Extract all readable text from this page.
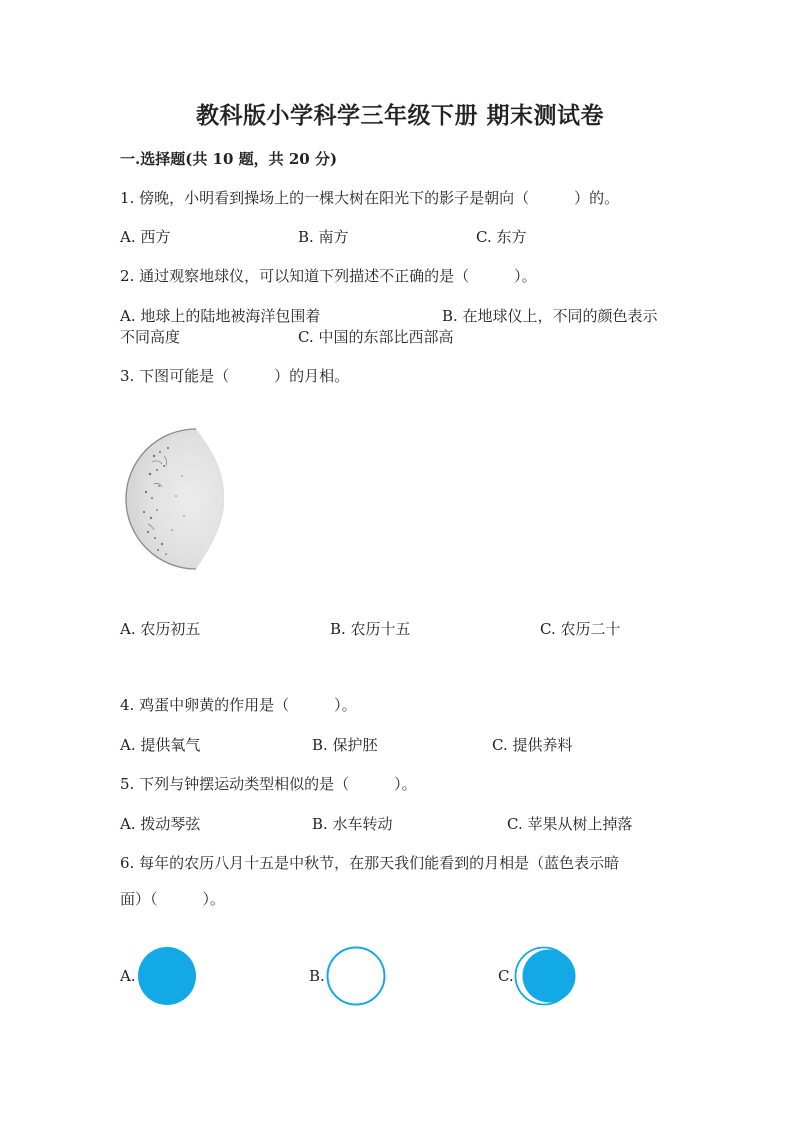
教科版小学科学三年级下册 期末测试卷
一.选择题(共 10 题，共 20 分)
1. 傍晚，小明看到操场上的一棵大树在阳光下的影子是朝向（　　　）的。
A. 西方	B. 南方	C. 东方
2. 通过观察地球仪，可以知道下列描述不正确的是（　　　）。
A. 地球上的陆地被海洋包围着	B. 在地球仪上，不同的颜色表示
不同高度	C. 中国的东部比西部高
3. 下图可能是（　　　）的月相。
A. 农历初五	B. 农历十五	C. 农历二十
4. 鸡蛋中卵黄的作用是（　　　）。
A. 提供氧气	B. 保护胚	C. 提供养料
5. 下列与钟摆运动类型相似的是（　　　）。
A. 拨动琴弦	B. 水车转动	C. 苹果从树上掉落
6. 每年的农历八月十五是中秋节，在那天我们能看到的月相是（蓝色表示暗
面）（　　　）。
A.	B.	C.
